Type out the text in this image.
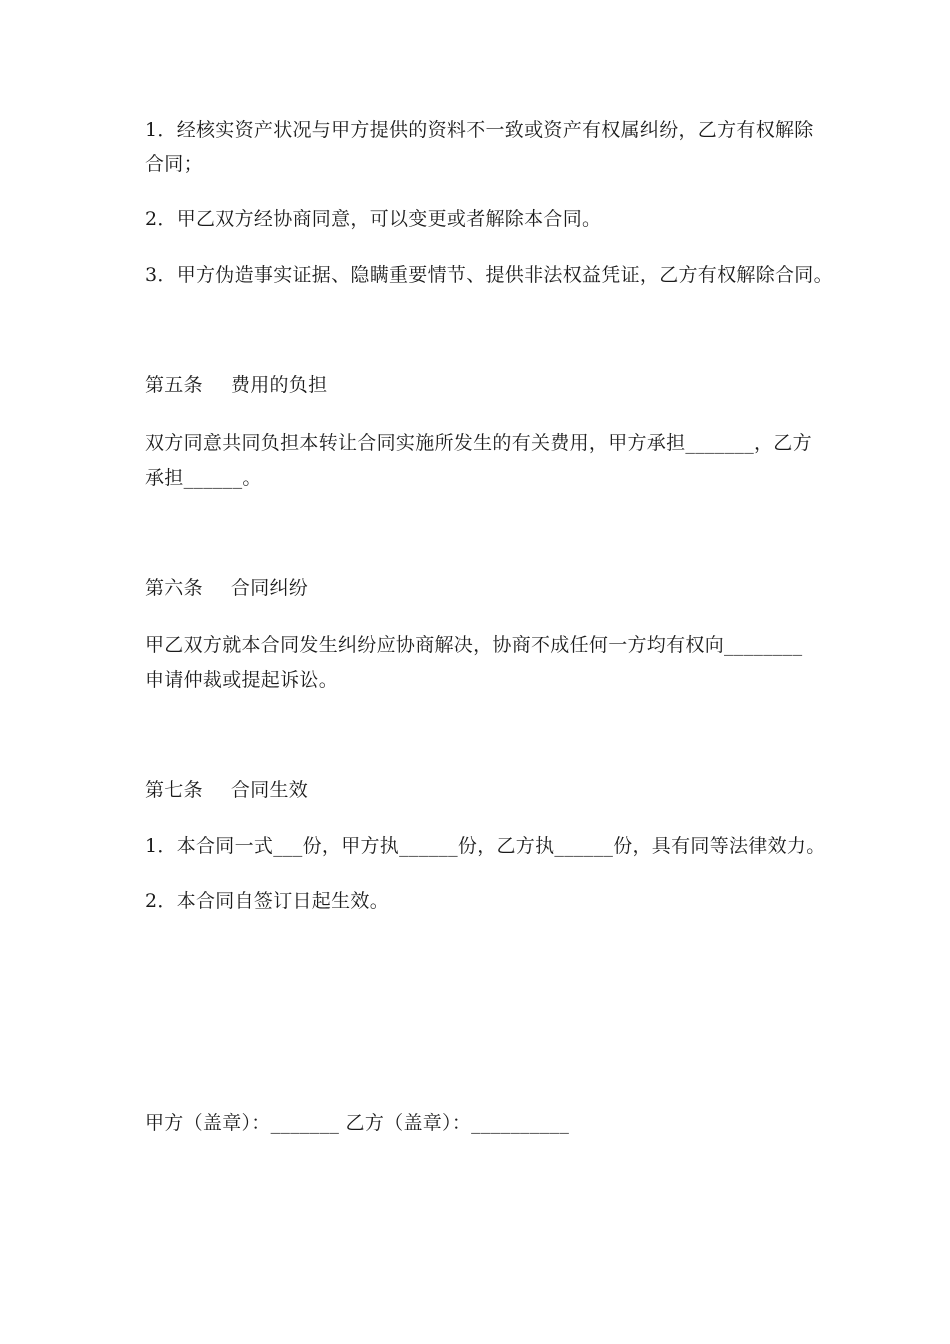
1．经核实资产状况与甲方提供的资料不一致或资产有权属纠纷，乙方有权解除
合同；
2．甲乙双方经协商同意，可以变更或者解除本合同。
3．甲方伪造事实证据、隐瞒重要情节、提供非法权益凭证，乙方有权解除合同。
第五条 费用的负担
双方同意共同负担本转让合同实施所发生的有关费用，甲方承担_______，乙方
承担______。
第六条 合同纠纷
甲乙双方就本合同发生纠纷应协商解决，协商不成任何一方均有权向________
申请仲裁或提起诉讼。
第七条 合同生效
1．本合同一式___份，甲方执______份，乙方执______份，具有同等法律效力。
2．本合同自签订日起生效。
甲方（盖章）：_______ 乙方（盖章）：__________
